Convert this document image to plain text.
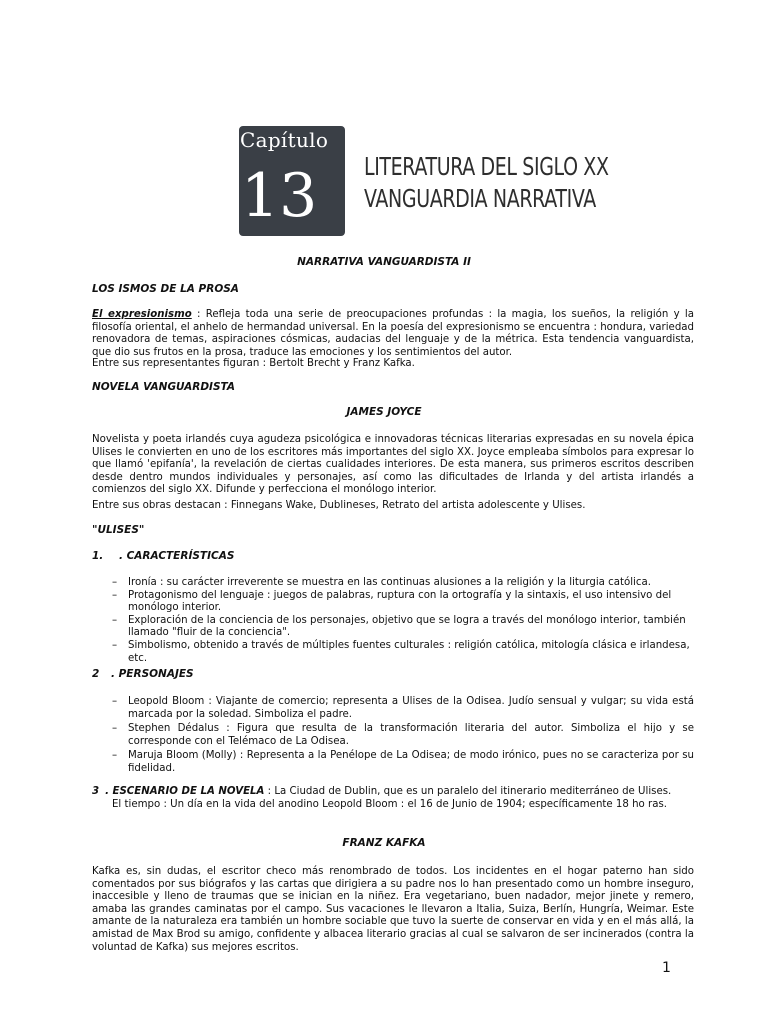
Capítulo
13 LITERATURA DEL SIGLO XX
VANGUARDIA NARRATIVA
NARRATIVA VANGUARDISTA II
LOS ISMOS DE LA PROSA
El expresionismo : Refleja toda una serie de preocupaciones profundas : la magia, los sueños, la religión y la filosofía oriental, el anhelo de hermandad universal. En la poesía del expresionismo se encuentra : hondura, variedad renovadora de temas, aspiraciones cósmicas, audacias del lenguaje y de la métrica. Esta tendencia vanguardista, que dio sus frutos en la prosa, traduce las emociones y los sentimientos del autor.
Entre sus representantes figuran : Bertolt Brecht y Franz Kafka.
NOVELA VANGUARDISTA
JAMES JOYCE
Novelista y poeta irlandés cuya agudeza psicológica e innovadoras técnicas literarias expresadas en su novela épica Ulises le convierten en uno de los escritores más importantes del siglo XX. Joyce empleaba símbolos para expresar lo que llamó 'epifanía', la revelación de ciertas cualidades interiores. De esta manera, sus primeros escritos describen desde dentro mundos individuales y personajes, así como las dificultades de Irlanda y del artista irlandés a comienzos del siglo XX. Difunde y perfecciona el monólogo interior.
Entre sus obras destacan : Finnegans Wake, Dublineses, Retrato del artista adolescente y Ulises.
"ULISES"
1. . CARACTERÍSTICAS
– Ironía : su carácter irreverente se muestra en las continuas alusiones a la religión y la liturgia católica.
– Protagonismo del lenguaje : juegos de palabras, ruptura con la ortografía y la sintaxis, el uso intensivo del monólogo interior.
– Exploración de la conciencia de los personajes, objetivo que se logra a través del monólogo interior, también llamado "fluir de la conciencia".
– Simbolismo, obtenido a través de múltiples fuentes culturales : religión católica, mitología clásica e irlandesa, etc.
2 . PERSONAJES
– Leopold Bloom : Viajante de comercio; representa a Ulises de la Odisea. Judío sensual y vulgar; su vida está marcada por la soledad. Simboliza el padre.
– Stephen Dédalus : Figura que resulta de la transformación literaria del autor. Simboliza el hijo y se corresponde con el Telémaco de La Odisea.
– Maruja Bloom (Molly) : Representa a la Penélope de La Odisea; de modo irónico, pues no se caracteriza por su fidelidad.
3 . ESCENARIO DE LA NOVELA : La Ciudad de Dublin, que es un paralelo del itinerario mediterráneo de Ulises.
El tiempo : Un día en la vida del anodino Leopold Bloom : el 16 de Junio de 1904; específicamente 18 ho ras.
FRANZ KAFKA
Kafka es, sin dudas, el escritor checo más renombrado de todos. Los incidentes en el hogar paterno han sido comentados por sus biógrafos y las cartas que dirigiera a su padre nos lo han presentado como un hombre inseguro, inaccesible y lleno de traumas que se inician en la niñez. Era vegetariano, buen nadador, mejor jinete y remero, amaba las grandes caminatas por el campo. Sus vacaciones le llevaron a Italia, Suiza, Berlín, Hungría, Weimar. Este amante de la naturaleza era también un hombre sociable que tuvo la suerte de conservar en vida y en el más allá, la amistad de Max Brod su amigo, confidente y albacea literario gracias al cual se salvaron de ser incinerados (contra la voluntad de Kafka) sus mejores escritos.
1
